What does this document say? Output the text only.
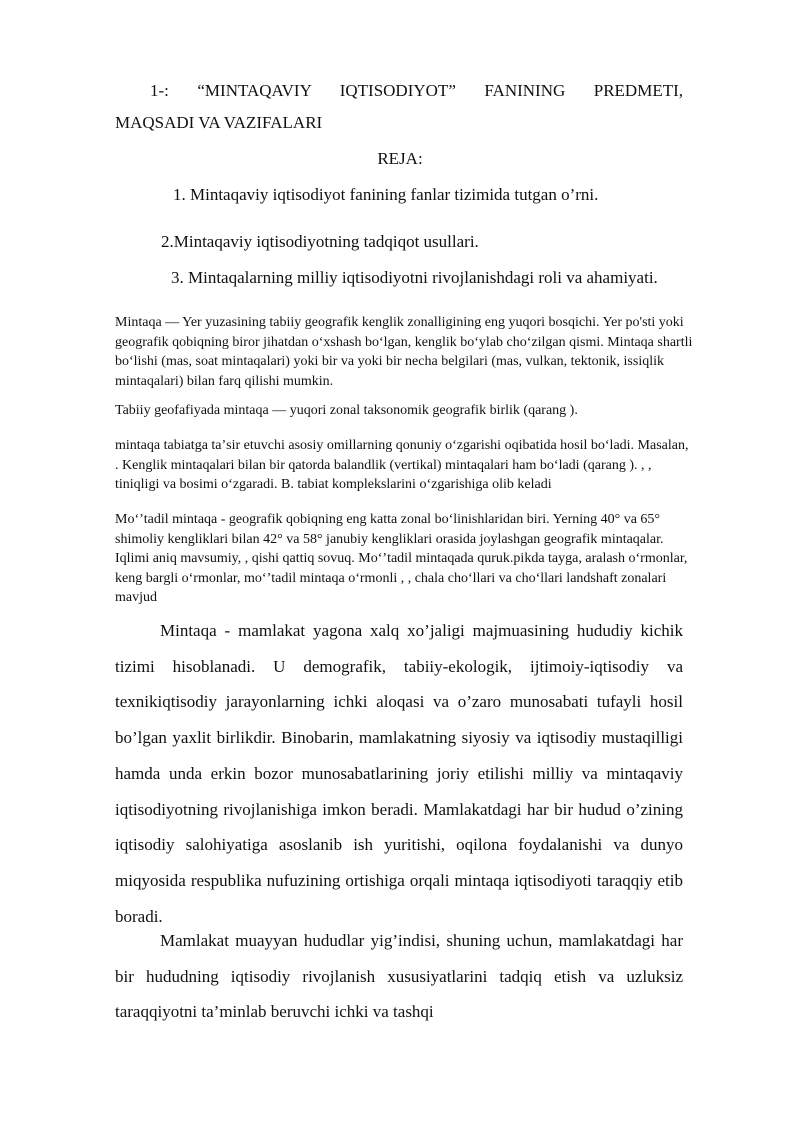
1-: “MINTAQAVIY IQTISODIYOT” FANINING PREDMETI,
MAQSADI VA VAZIFALARI
REJA:
1. Mintaqaviy iqtisodiyot fanining fanlar tizimida tutgan o’rni.
2.Mintaqaviy iqtisodiyotning tadqiqot usullari.
3. Mintaqalarning milliy iqtisodiyotni rivojlanishdagi roli va ahamiyati.

Mintaqa — Yer yuzasining tabiiy geografik kenglik zonalligining eng yuqori bosqichi. Yer po'sti yoki geografik qobiqning biror jihatdan oʻxshash boʻlgan, kenglik boʻylab choʻzilgan qismi. Mintaqa shartli boʻlishi (mas, soat mintaqalari) yoki bir va yoki bir necha belgilari (mas, vulkan, tektonik, issiqlik mintaqalari) bilan farq qilishi mumkin.

Tabiiy geofafiyada mintaqa — yuqori zonal taksonomik geografik birlik (qarang ).

mintaqa tabiatga taʼsir etuvchi asosiy omillarning qonuniy oʻzgarishi oqibatida hosil boʻladi. Masalan, . Kenglik mintaqalari bilan bir qatorda balandlik (vertikal) mintaqalari ham boʻladi (qarang ). , , tiniqligi va bosimi oʻzgaradi. B. tabiat komplekslarini oʻzgarishiga olib keladi

Moʻʼtadil mintaqa - geografik qobiqning eng katta zonal boʻlinishlaridan biri. Yerning 40° va 65° shimoliy kengliklari bilan 42° va 58° janubiy kengliklari orasida joylashgan geografik mintaqalar. Iqlimi aniq mavsumiy, , qishi qattiq sovuq. Moʻʼtadil mintaqada quruk.pikda tayga, aralash oʻrmonlar, keng bargli oʻrmonlar, moʻʼtadil mintaqa oʻrmonli , , chala choʻllari va choʻllari landshaft zonalari mavjud

Mintaqa - mamlakat yagona xalq xo’jaligi majmuasining hududiy kichik tizimi hisoblanadi. U demografik, tabiiy-ekologik, ijtimoiy-iqtisodiy va texnikiqtisodiy jarayonlarning ichki aloqasi va o’zaro munosabati tufayli hosil bo’lgan yaxlit birlikdir. Binobarin, mamlakatning siyosiy va iqtisodiy mustaqilligi hamda unda erkin bozor munosabatlarining joriy etilishi milliy va mintaqaviy iqtisodiyotning rivojlanishiga imkon beradi. Mamlakatdagi har bir hudud o’zining iqtisodiy salohiyatiga asoslanib ish yuritishi, oqilona foydalanishi va dunyo miqyosida respublika nufuzining ortishiga orqali mintaqa iqtisodiyoti taraqqiy etib boradi.

Mamlakat muayyan hududlar yig’indisi, shuning uchun, mamlakatdagi har bir hududning iqtisodiy rivojlanish xususiyatlarini tadqiq etish va uzluksiz taraqqiyotni ta’minlab beruvchi ichki va tashqi
